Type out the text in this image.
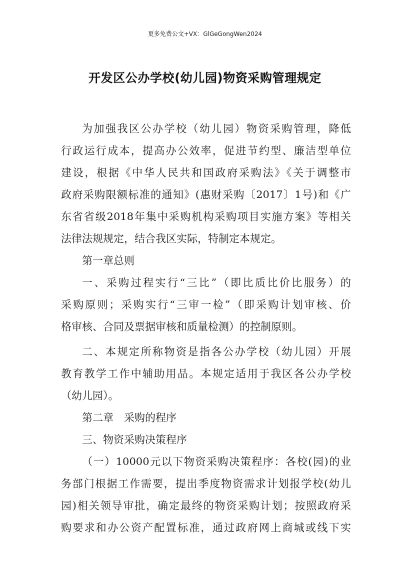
更多免费公文+VX：GlGeGongWen2024
开发区公办学校(幼儿园)物资采购管理规定
为加强我区公办学校（幼儿园）物资采购管理，降低
行政运行成本，提高办公效率，促进节约型、廉洁型单位
建设，根据《中华人民共和国政府采购法》《关于调整市
政府采购限额标准的通知》(惠财采购〔2017〕1号)和《广
东省省级2018年集中采购机构采购项目实施方案》等相关
法律法规规定，结合我区实际，特制定本规定。
第一章总则
一、采购过程实行“三比”（即比质比价比服务）的
采购原则；采购实行“三审一检”（即采购计划审核、价
格审核、合同及票据审核和质量检测）的控制原则。
二、本规定所称物资是指各公办学校（幼儿园）开展
教育教学工作中辅助用品。本规定适用于我区各公办学校
（幼儿园）。
第二章　采购的程序
三、物资采购决策程序
（一）10000元以下物资采购决策程序：各校(园)的业
务部门根据工作需要，提出季度物资需求计划报学校(幼儿
园)相关领导审批，确定最终的物资采购计划；按照政府采
购要求和办公资产配置标准，通过政府网上商城或线下实
